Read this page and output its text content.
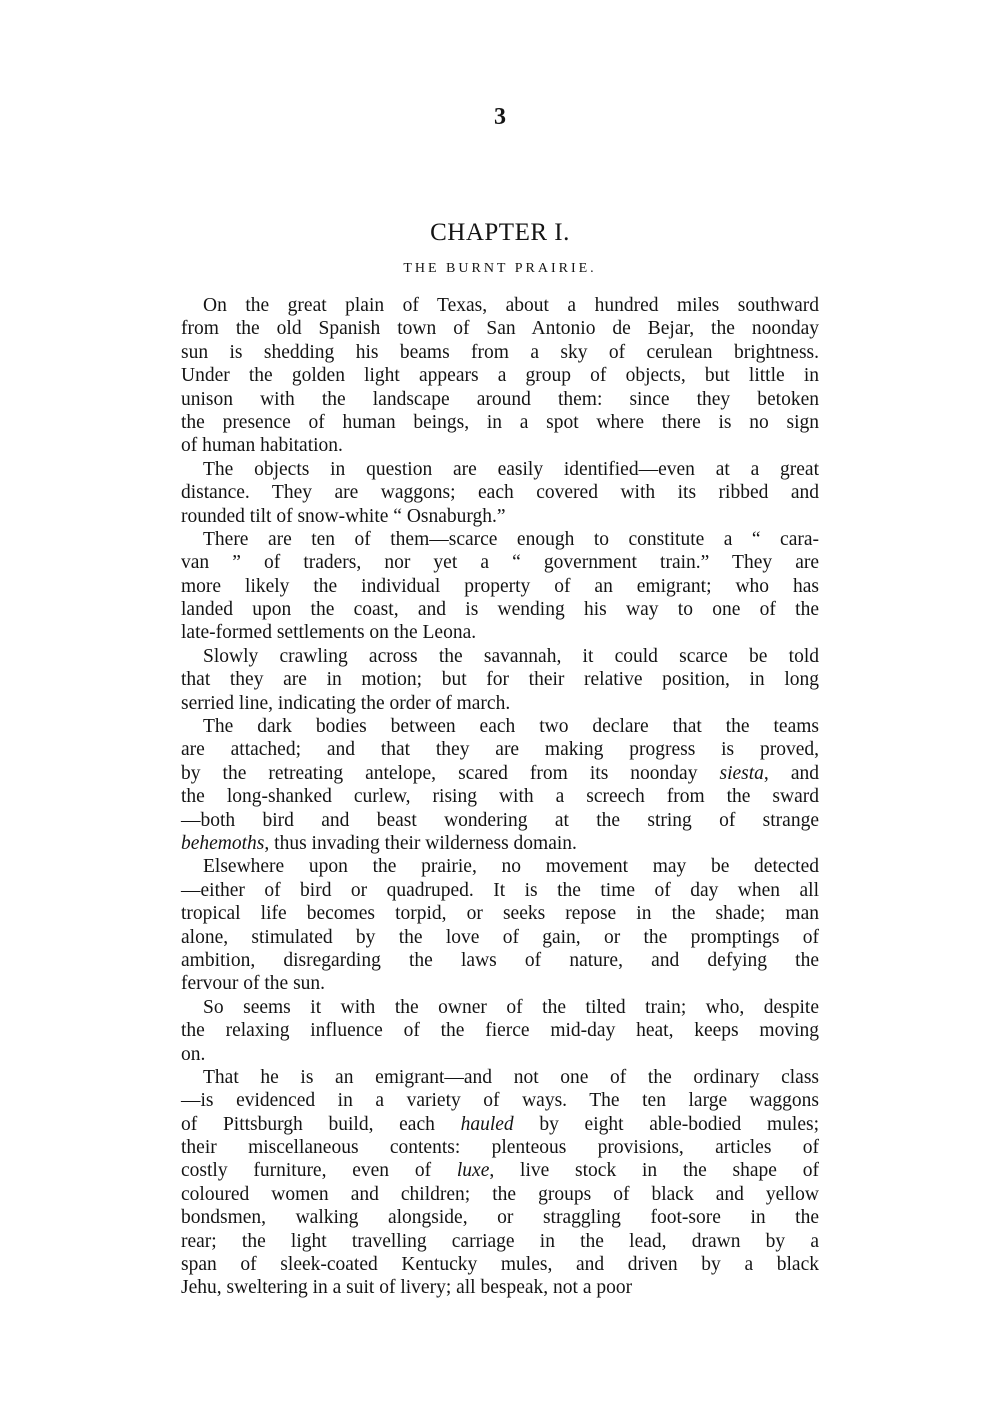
3
CHAPTER I.
THE BURNT PRAIRIE.
On the great plain of Texas, about a hundred miles southward
from the old Spanish town of San Antonio de Bejar, the noonday
sun is shedding his beams from a sky of cerulean brightness.
Under the golden light appears a group of objects, but little in
unison with the landscape around them: since they betoken
the presence of human beings, in a spot where there is no sign
of human habitation.
The objects in question are easily identified—even at a great
distance. They are waggons; each covered with its ribbed and
rounded tilt of snow-white “ Osnaburgh.”
There are ten of them—scarce enough to constitute a “ cara-
van ” of traders, nor yet a “ government train.” They are
more likely the individual property of an emigrant; who has
landed upon the coast, and is wending his way to one of the
late-formed settlements on the Leona.
Slowly crawling across the savannah, it could scarce be told
that they are in motion; but for their relative position, in long
serried line, indicating the order of march.
The dark bodies between each two declare that the teams
are attached; and that they are making progress is proved,
by the retreating antelope, scared from its noonday siesta, and
the long-shanked curlew, rising with a screech from the sward
—both bird and beast wondering at the string of strange
behemoths, thus invading their wilderness domain.
Elsewhere upon the prairie, no movement may be detected
—either of bird or quadruped. It is the time of day when all
tropical life becomes torpid, or seeks repose in the shade; man
alone, stimulated by the love of gain, or the promptings of
ambition, disregarding the laws of nature, and defying the
fervour of the sun.
So seems it with the owner of the tilted train; who, despite
the relaxing influence of the fierce mid-day heat, keeps moving
on.
That he is an emigrant—and not one of the ordinary class
—is evidenced in a variety of ways. The ten large waggons
of Pittsburgh build, each hauled by eight able-bodied mules;
their miscellaneous contents: plenteous provisions, articles of
costly furniture, even of luxe, live stock in the shape of
coloured women and children; the groups of black and yellow
bondsmen, walking alongside, or straggling foot-sore in the
rear; the light travelling carriage in the lead, drawn by a
span of sleek-coated Kentucky mules, and driven by a black
Jehu, sweltering in a suit of livery; all bespeak, not a poor
